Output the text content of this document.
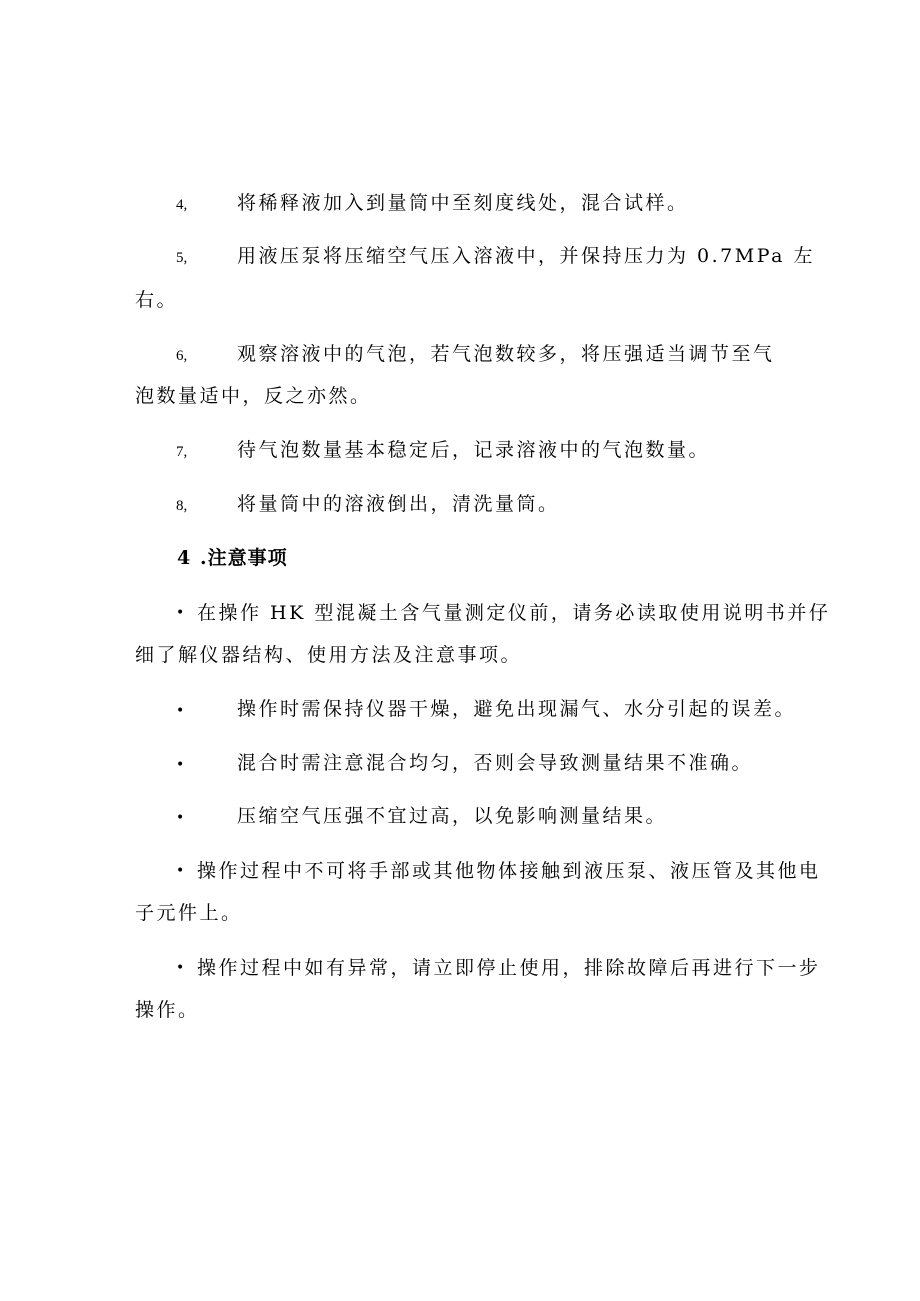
4,	将稀释液加入到量筒中至刻度线处，混合试样。
5,	用液压泵将压缩空气压入溶液中，并保持压力为 0.7MPa 左
右。
6,	观察溶液中的气泡，若气泡数较多，将压强适当调节至气
泡数量适中，反之亦然。
7,	待气泡数量基本稳定后，记录溶液中的气泡数量。
8,	将量筒中的溶液倒出，清洗量筒。
4 .注意事项
• 在操作 HK 型混凝土含气量测定仪前，请务必读取使用说明书并仔
细了解仪器结构、使用方法及注意事项。
•	操作时需保持仪器干燥，避免出现漏气、水分引起的误差。
•	混合时需注意混合均匀，否则会导致测量结果不准确。
•	压缩空气压强不宜过高，以免影响测量结果。
• 操作过程中不可将手部或其他物体接触到液压泵、液压管及其他电
子元件上。
• 操作过程中如有异常，请立即停止使用，排除故障后再进行下一步
操作。
